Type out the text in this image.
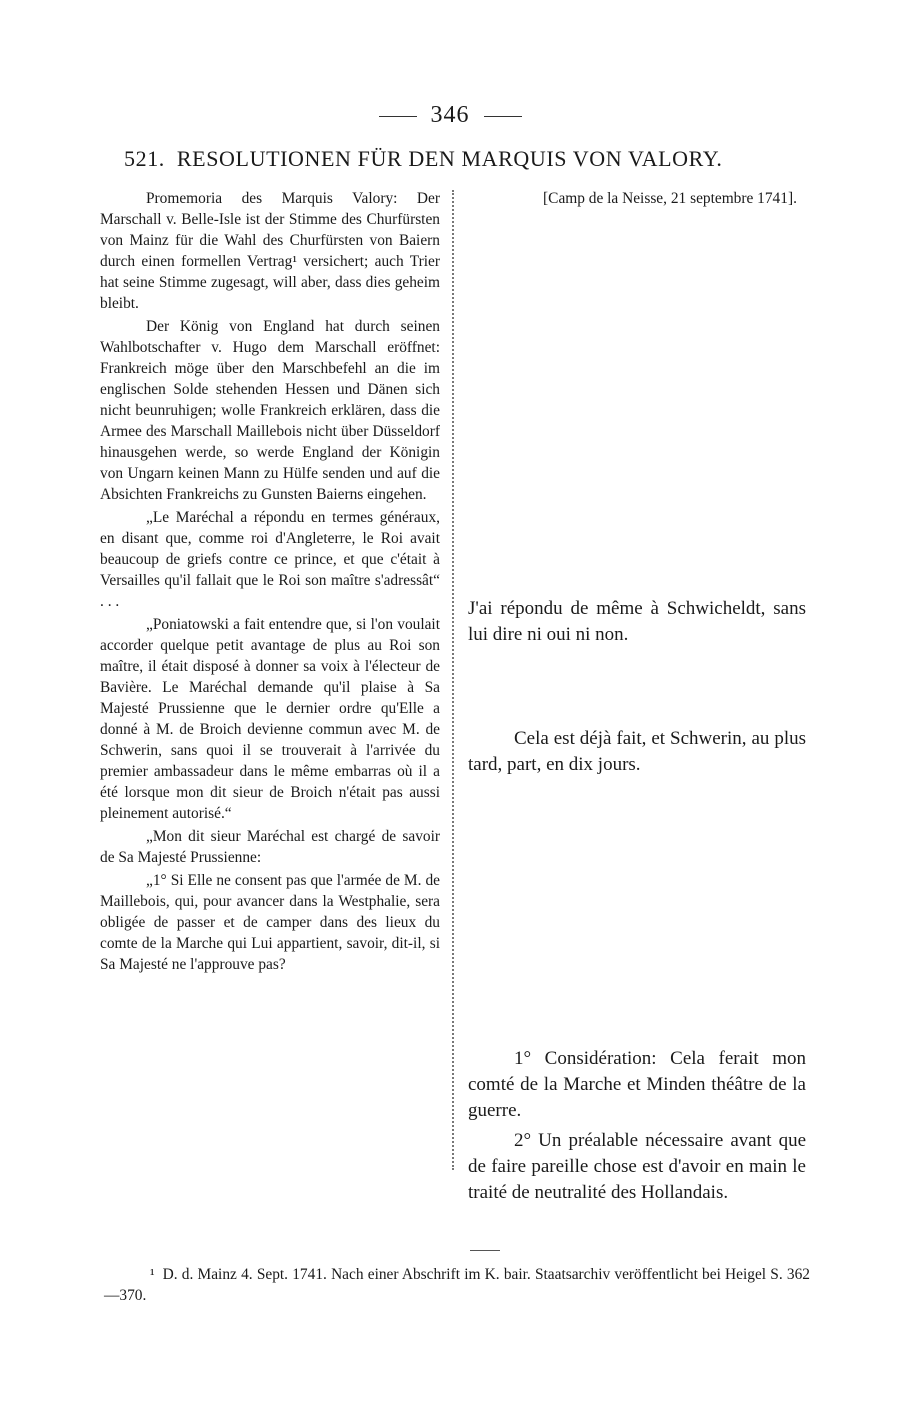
346
521. RESOLUTIONEN FÜR DEN MARQUIS VON VALORY.

Promemoria des Marquis Valory: Der Marschall v. Belle-Isle ist der Stimme des Churfürsten von Mainz für die Wahl des Churfürsten von Baiern durch einen formellen Vertrag¹ versichert; auch Trier hat seine Stimme zugesagt, will aber, dass dies geheim bleibt.

Der König von England hat durch seinen Wahlbotschafter v. Hugo dem Marschall eröffnet: Frankreich möge über den Marschbefehl an die im englischen Solde stehenden Hessen und Dänen sich nicht beunruhigen; wolle Frankreich erklären, dass die Armee des Marschall Maillebois nicht über Düsseldorf hinausgehen werde, so werde England der Königin von Ungarn keinen Mann zu Hülfe senden und auf die Absichten Frankreichs zu Gunsten Baierns eingehen.

„Le Maréchal a répondu en termes généraux, en disant que, comme roi d'Angleterre, le Roi avait beaucoup de griefs contre ce prince, et que c'était à Versailles qu'il fallait que le Roi son maître s'adressât“ . . .

„Poniatowski a fait entendre que, si l'on voulait accorder quelque petit avantage de plus au Roi son maître, il était disposé à donner sa voix à l'électeur de Bavière. Le Maréchal demande qu'il plaise à Sa Majesté Prussienne que le dernier ordre qu'Elle a donné à M. de Broich devienne commun avec M. de Schwerin, sans quoi il se trouverait à l'arrivée du premier ambassadeur dans le même embarras où il a été lorsque mon dit sieur de Broich n'était pas aussi pleinement autorisé.“

„Mon dit sieur Maréchal est chargé de savoir de Sa Majesté Prussienne:

„1° Si Elle ne consent pas que l'armée de M. de Maillebois, qui, pour avancer dans la Westphalie, sera obligée de passer et de camper dans des lieux du comte de la Marche qui Lui appartient, savoir, dit-il, si Sa Majesté ne l'approuve pas?

[Camp de la Neisse, 21 septembre 1741].

J'ai répondu de même à Schwicheldt, sans lui dire ni oui ni non.

Cela est déjà fait, et Schwerin, au plus tard, part, en dix jours.

1° Considération: Cela ferait mon comté de la Marche et Minden théâtre de la guerre.

2° Un préalable nécessaire avant que de faire pareille chose est d'avoir en main le traité de neutralité des Hollandais.

¹ D. d. Mainz 4. Sept. 1741. Nach einer Abschrift im K. bair. Staatsarchiv veröffentlicht bei Heigel S. 362—370.
